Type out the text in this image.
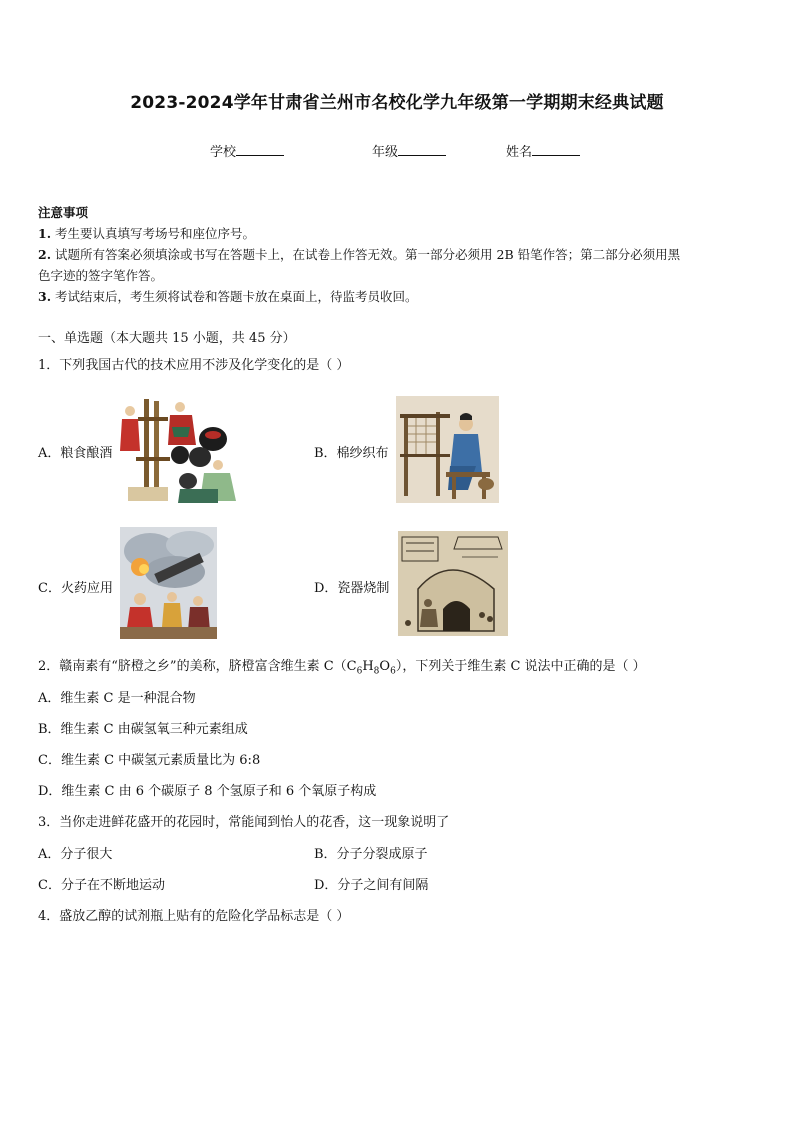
2023-2024学年甘肃省兰州市名校化学九年级第一学期期末经典试题
学校	年级	姓名
注意事项
1. 考生要认真填写考场号和座位序号。
2. 试题所有答案必须填涂或书写在答题卡上，在试卷上作答无效。第一部分必须用 2B 铅笔作答；第二部分必须用黑
色字迹的签字笔作答。
3. 考试结束后，考生须将试卷和答题卡放在桌面上，待监考员收回。
一、单选题（本大题共 15 小题，共 45 分）
1．下列我国古代的技术应用不涉及化学变化的是（ ）
A．粮食酿酒	B．棉纱织布
C．火药应用	D．瓷器烧制
2．赣南素有“脐橙之乡”的美称，脐橙富含维生素 $C(C_6H_8O_6)$，下列关于维生素 C 说法中正确的是（ ）
A．维生素 C 是一种混合物
B．维生素 C 由碳氢氧三种元素组成
C．维生素 C 中碳氢元素质量比为 6:8
D．维生素 C 由 6 个碳原子 8 个氢原子和 6 个氧原子构成
3．当你走进鲜花盛开的花园时，常能闻到怡人的花香，这一现象说明了
A．分子很大	B．分子分裂成原子
C．分子在不断地运动	D．分子之间有间隔
4．盛放乙醇的试剂瓶上贴有的危险化学品标志是（ ）
